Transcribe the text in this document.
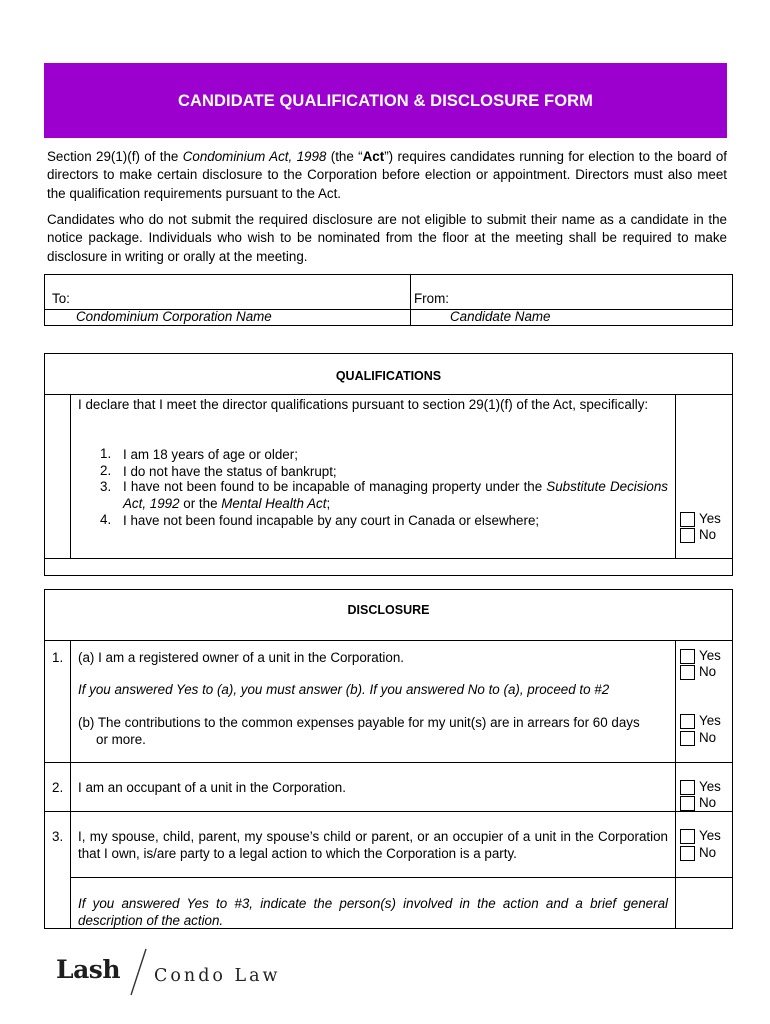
CANDIDATE QUALIFICATION & DISCLOSURE FORM
Section 29(1)(f) of the Condominium Act, 1998 (the “Act”) requires candidates running for election to the board of directors to make certain disclosure to the Corporation before election or appointment. Directors must also meet the qualification requirements pursuant to the Act.
Candidates who do not submit the required disclosure are not eligible to submit their name as a candidate in the notice package. Individuals who wish to be nominated from the floor at the meeting shall be required to make disclosure in writing or orally at the meeting.
To:
Condominium Corporation Name
From:
Candidate Name
QUALIFICATIONS
I declare that I meet the director qualifications pursuant to section 29(1)(f) of the Act, specifically:
1. I am 18 years of age or older;
2. I do not have the status of bankrupt;
3. I have not been found to be incapable of managing property under the Substitute Decisions Act, 1992 or the Mental Health Act;
4. I have not been found incapable by any court in Canada or elsewhere;	Yes
No
DISCLOSURE
1. (a) I am a registered owner of a unit in the Corporation.
If you answered Yes to (a), you must answer (b). If you answered No to (a), proceed to #2
(b) The contributions to the common expenses payable for my unit(s) are in arrears for 60 days
or more.
Yes
No
Yes
No
2. I am an occupant of a unit in the Corporation.	Yes
No
3. I, my spouse, child, parent, my spouse’s child or parent, or an occupier of a unit in the Corporation that I own, is/are party to a legal action to which the Corporation is a party.
Yes
No
If you answered Yes to #3, indicate the person(s) involved in the action and a brief general description of the action.
Lash Condo Law
